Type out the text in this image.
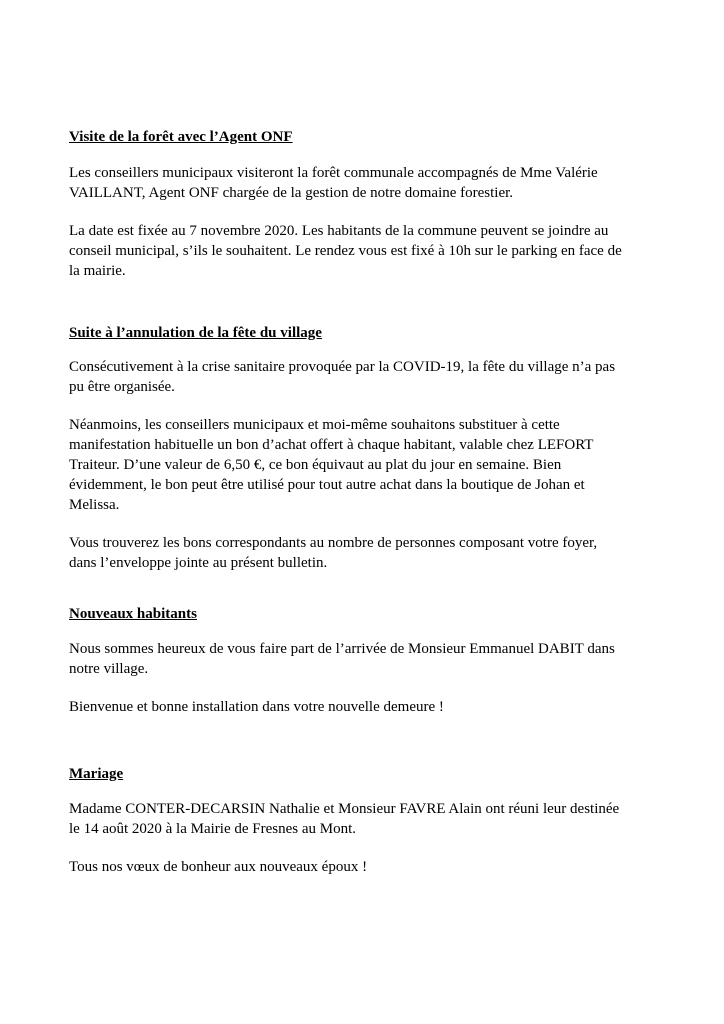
Visite de la forêt avec l’Agent ONF

Les conseillers municipaux visiteront la forêt communale accompagnés de Mme Valérie
VAILLANT, Agent ONF chargée de la gestion de notre domaine forestier.

La date est fixée au 7 novembre 2020. Les habitants de la commune peuvent se joindre au
conseil municipal, s’ils le souhaitent. Le rendez vous est fixé à 10h sur le parking en face de
la mairie.

Suite à l’annulation de la fête du village

Consécutivement à la crise sanitaire provoquée par la COVID-19, la fête du village n’a pas
pu être organisée.

Néanmoins, les conseillers municipaux et moi-même souhaitons substituer à cette
manifestation habituelle un bon d’achat offert à chaque habitant, valable chez LEFORT
Traiteur. D’une valeur de 6,50 €, ce bon équivaut au plat du jour en semaine. Bien
évidemment, le bon peut être utilisé pour tout autre achat dans la boutique de Johan et
Melissa.

Vous trouverez les bons correspondants au nombre de personnes composant votre foyer,
dans l’enveloppe jointe au présent bulletin.

Nouveaux habitants

Nous sommes heureux de vous faire part de l’arrivée de Monsieur Emmanuel DABIT dans
notre village.

Bienvenue et bonne installation dans votre nouvelle demeure !

Mariage

Madame CONTER-DECARSIN Nathalie et Monsieur FAVRE Alain ont réuni leur destinée
le 14 août 2020 à la Mairie de Fresnes au Mont.

Tous nos vœux de bonheur aux nouveaux époux !
